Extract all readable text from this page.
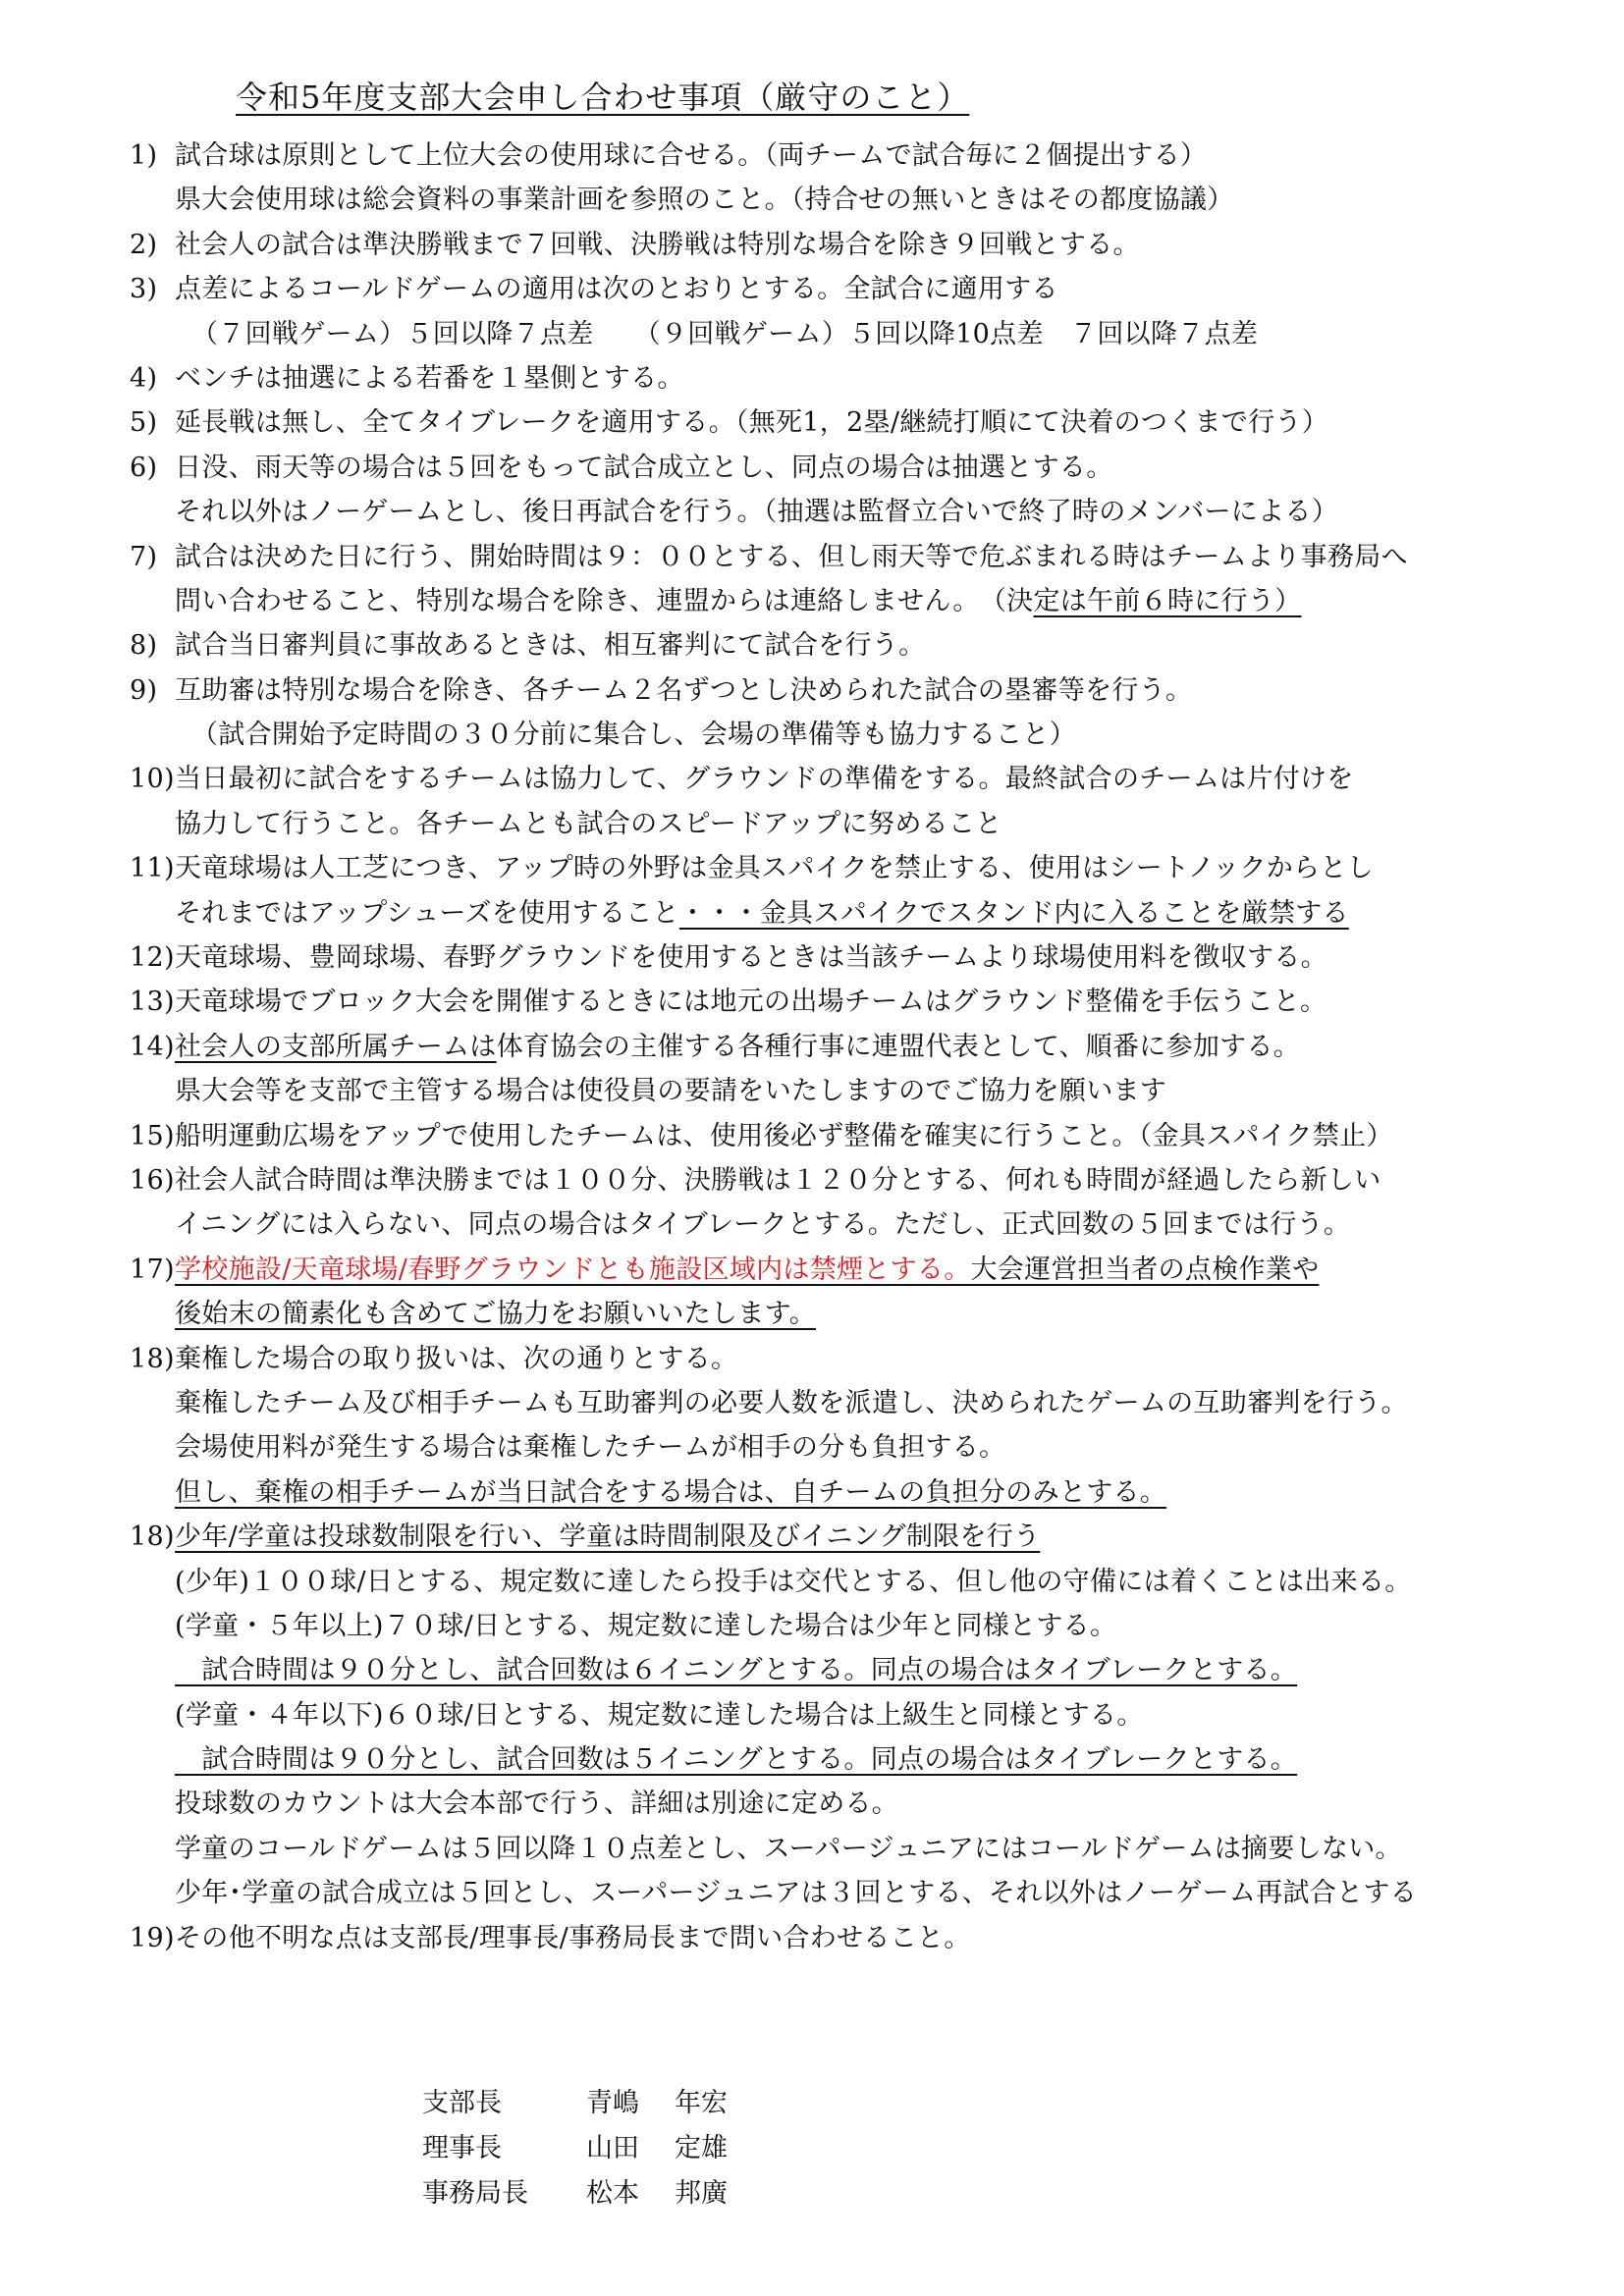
令和5年度支部大会申し合わせ事項（厳守のこと）
1) 試合球は原則として上位大会の使用球に合せる。（両チームで試合毎に２個提出する）
県大会使用球は総会資料の事業計画を参照のこと。（持合せの無いときはその都度協議）
2) 社会人の試合は準決勝戦まで７回戦、決勝戦は特別な場合を除き９回戦とする。
3) 点差によるコールドゲームの適用は次のとおりとする。全試合に適用する
（７回戦ゲーム）５回以降７点差　　（９回戦ゲーム）５回以降10点差　７回以降７点差
4) ベンチは抽選による若番を１塁側とする。
5) 延長戦は無し、全てタイブレークを適用する。（無死1，2塁/継続打順にて決着のつくまで行う）
6) 日没、雨天等の場合は５回をもって試合成立とし、同点の場合は抽選とする。
それ以外はノーゲームとし、後日再試合を行う。（抽選は監督立合いで終了時のメンバーによる）
7) 試合は決めた日に行う、開始時間は９：００とする、但し雨天等で危ぶまれる時はチームより事務局へ
問い合わせること、特別な場合を除き、連盟からは連絡しません。　（決定は午前６時に行う）
8) 試合当日審判員に事故あるときは、相互審判にて試合を行う。
9) 互助審は特別な場合を除き、各チーム２名ずつとし決められた試合の塁審等を行う。
（試合開始予定時間の３０分前に集合し、会場の準備等も協力すること）
10) 当日最初に試合をするチームは協力して、グラウンドの準備をする。最終試合のチームは片付けを
協力して行うこと。各チームとも試合のスピードアップに努めること
11) 天竜球場は人工芝につき、アップ時の外野は金具スパイクを禁止する、使用はシートノックからとし
それまではアップシューズを使用すること・・・金具スパイクでスタンド内に入ることを厳禁する
12) 天竜球場、豊岡球場、春野グラウンドを使用するときは当該チームより球場使用料を徴収する。
13) 天竜球場でブロック大会を開催するときには地元の出場チームはグラウンド整備を手伝うこと。
14) 社会人の支部所属チームは体育協会の主催する各種行事に連盟代表として、順番に参加する。
県大会等を支部で主管する場合は使役員の要請をいたしますのでご協力を願います
15) 船明運動広場をアップで使用したチームは、使用後必ず整備を確実に行うこと。（金具スパイク禁止）
16) 社会人試合時間は準決勝までは１００分、決勝戦は１２０分とする、何れも時間が経過したら新しい
イニングには入らない、同点の場合はタイブレークとする。ただし、正式回数の５回までは行う。
17) 学校施設/天竜球場/春野グラウンドとも施設区域内は禁煙とする。大会運営担当者の点検作業や
後始末の簡素化も含めてご協力をお願いいたします。
18) 棄権した場合の取り扱いは、次の通りとする。
棄権したチーム及び相手チームも互助審判の必要人数を派遣し、決められたゲームの互助審判を行う。
会場使用料が発生する場合は棄権したチームが相手の分も負担する。
但し、棄権の相手チームが当日試合をする場合は、自チームの負担分のみとする。
18) 少年/学童は投球数制限を行い、学童は時間制限及びイニング制限を行う
(少年)１００球/日とする、規定数に達したら投手は交代とする、但し他の守備には着くことは出来る。
(学童・５年以上)７０球/日とする、規定数に達した場合は少年と同様とする。
　試合時間は９０分とし、試合回数は６イニングとする。同点の場合はタイブレークとする。
(学童・４年以下)６０球/日とする、規定数に達した場合は上級生と同様とする。
　試合時間は９０分とし、試合回数は５イニングとする。同点の場合はタイブレークとする。
投球数のカウントは大会本部で行う、詳細は別途に定める。
学童のコールドゲームは５回以降１０点差とし、スーパージュニアにはコールドゲームは摘要しない。
少年･学童の試合成立は５回とし、スーパージュニアは３回とする、それ以外はノーゲーム再試合とする
19) その他不明な点は支部長/理事長/事務局長まで問い合わせること。
支部長	青嶋 年宏
理事長	山田 定雄
事務局長 松本 邦廣
